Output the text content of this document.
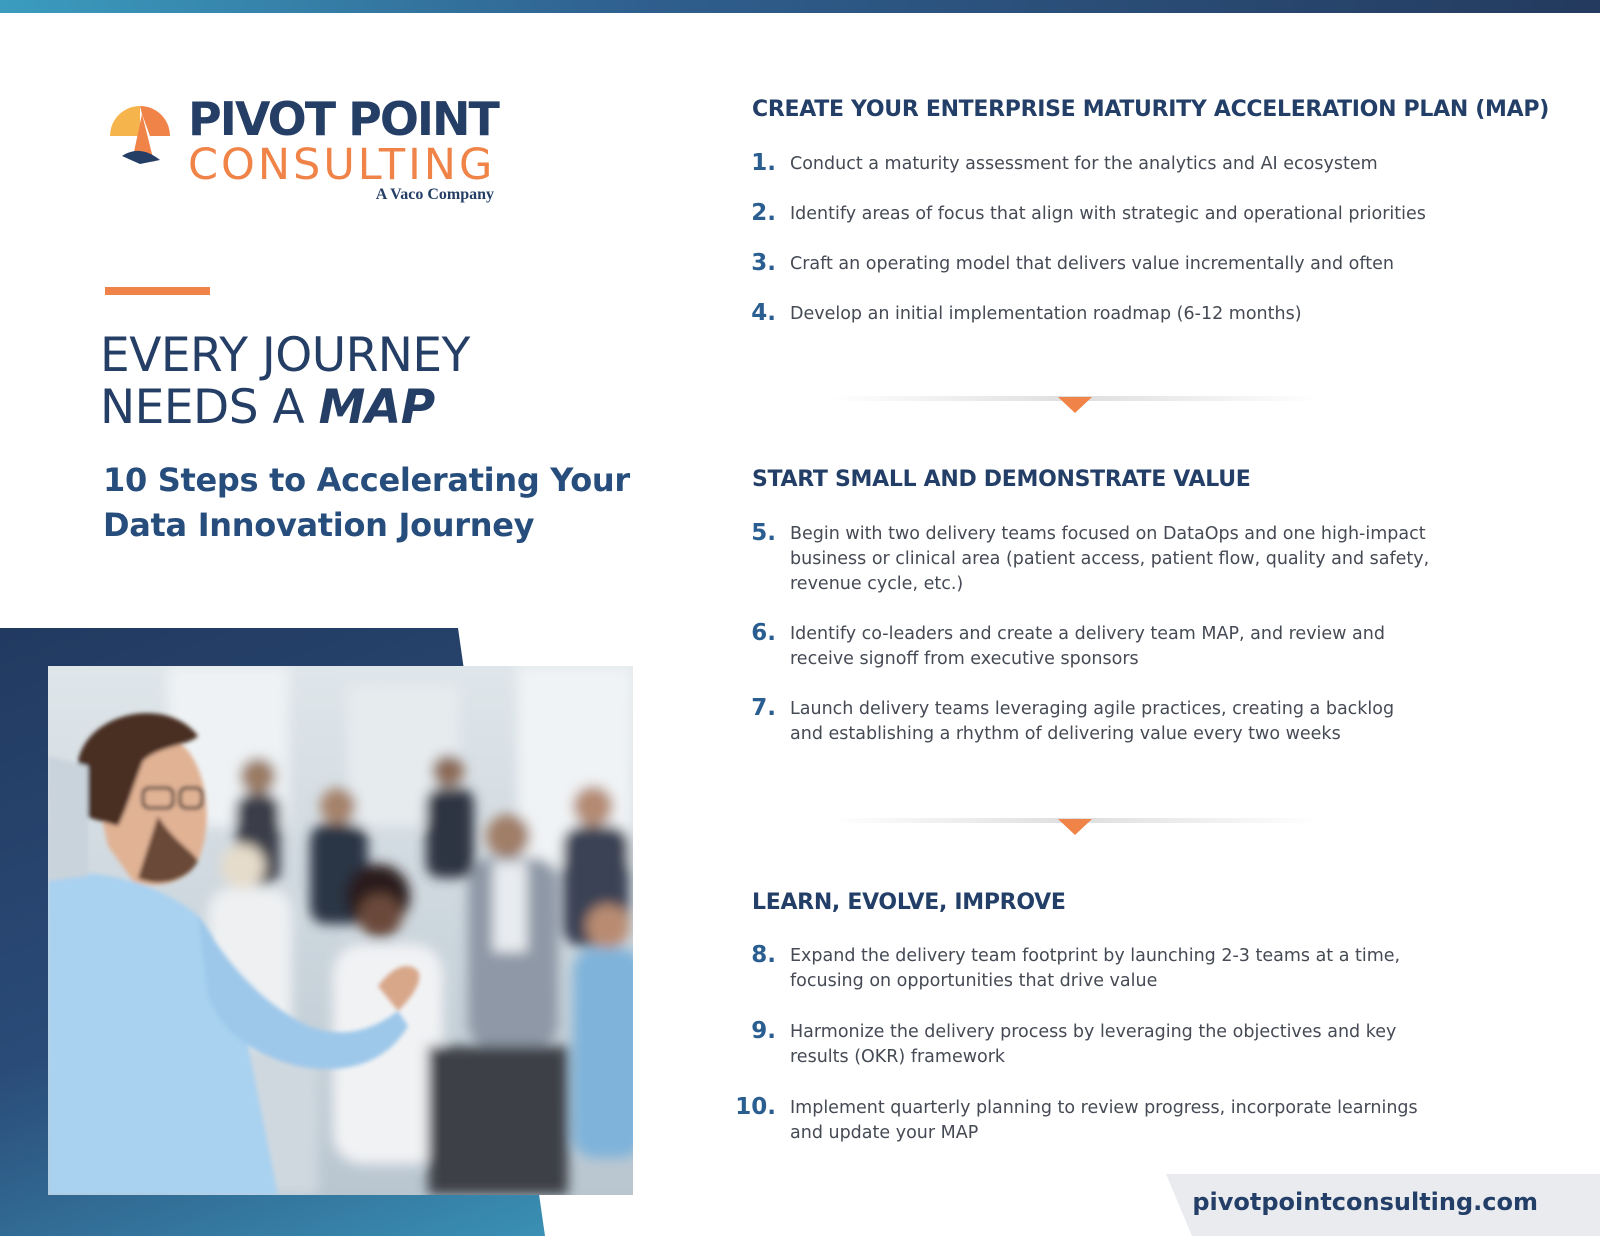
PIVOT POINT
CONSULTING
A Vaco Company
EVERY JOURNEY
NEEDS A MAP
10 Steps to Accelerating Your Data Innovation Journey
CREATE YOUR ENTERPRISE MATURITY ACCELERATION PLAN (MAP)
1. Conduct a maturity assessment for the analytics and AI ecosystem
2. Identify areas of focus that align with strategic and operational priorities
3. Craft an operating model that delivers value incrementally and often
4. Develop an initial implementation roadmap (6-12 months)
START SMALL AND DEMONSTRATE VALUE
5. Begin with two delivery teams focused on DataOps and one high-impact business or clinical area (patient access, patient flow, quality and safety, revenue cycle, etc.)
6. Identify co-leaders and create a delivery team MAP, and review and receive signoff from executive sponsors
7. Launch delivery teams leveraging agile practices, creating a backlog and establishing a rhythm of delivering value every two weeks
LEARN, EVOLVE, IMPROVE
8. Expand the delivery team footprint by launching 2-3 teams at a time, focusing on opportunities that drive value
9. Harmonize the delivery process by leveraging the objectives and key results (OKR) framework
10. Implement quarterly planning to review progress, incorporate learnings and update your MAP
pivotpointconsulting.com
